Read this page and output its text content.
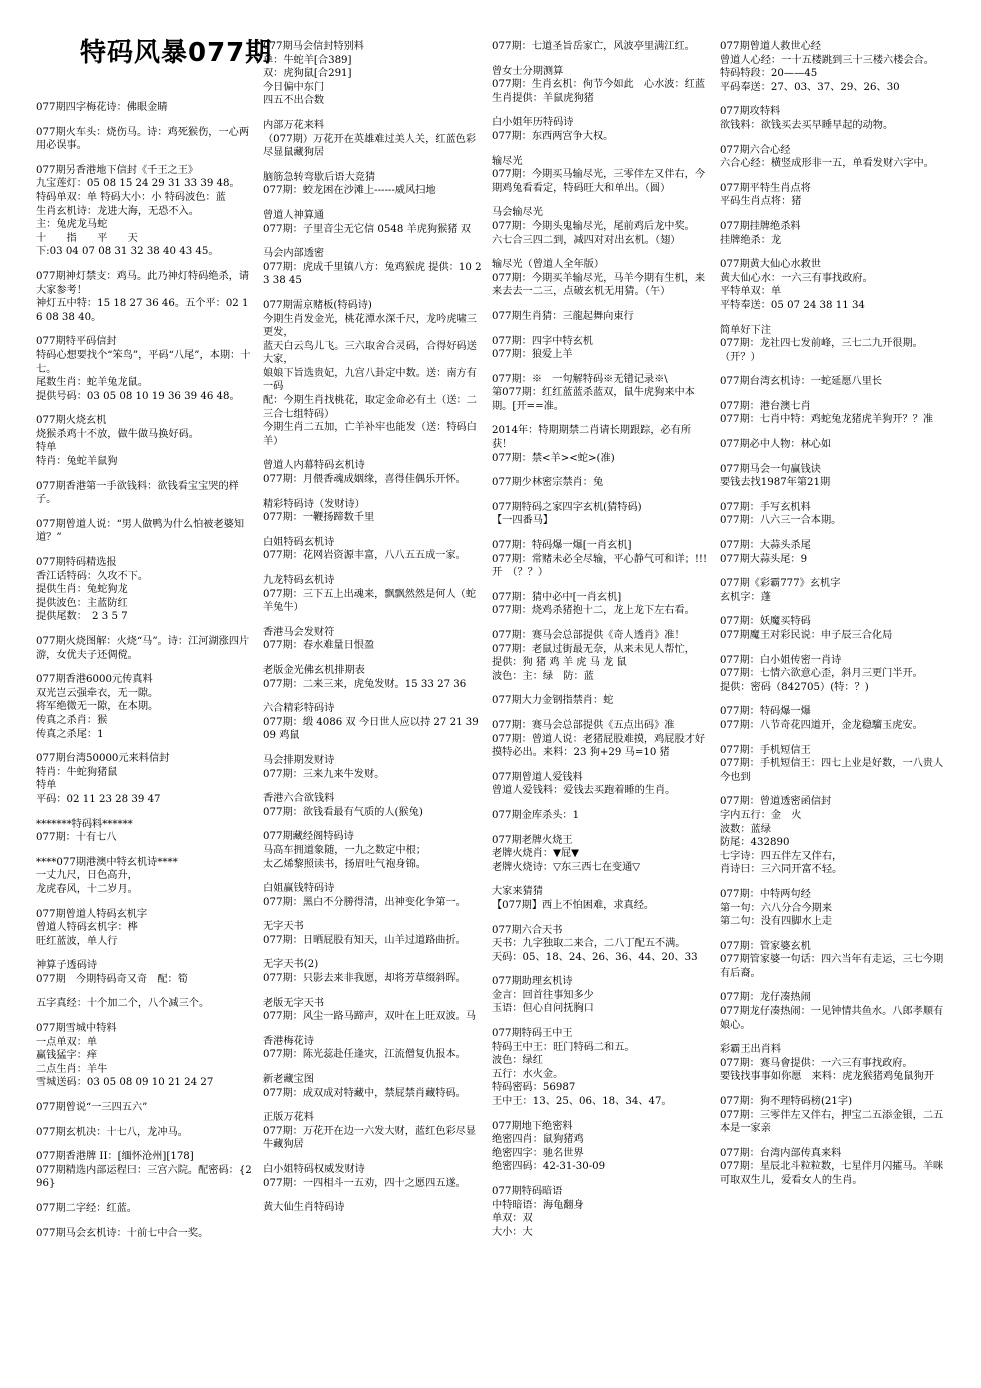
特码风暴077期
077期四字梅花诗：佛眼金睛
077期火车头：烧伤马。诗：鸡死猴伤，一心两用必误事。
077期另香港地下信封《千王之王》
九宝莲灯：05 08 15 24 29 31 33 39 48。
特码单双：单 特码大小：小 特码波色：蓝
生肖玄机诗：龙进大海，无恐不入。
主：兔虎龙马蛇
十　　指　　平　　天
下:03 04 07 08 31 32 38 40 43 45。
077期神灯禁支：鸡马。此乃神灯特码绝杀，请大家参考！
神灯五中特：15 18 27 36 46。五个平：02 16 08 38 40。
077期特平码信封
特码心想要找个“笨鸟”，平码“八尾”，本期：十七。
尾数生肖：蛇羊兔龙鼠。
提供号码：03 05 08 10 19 36 39 46 48。
077期火烧玄机
烧猴杀鸡十不放，做牛做马换好码。
特单
特肖：兔蛇羊鼠狗
077期香港第一手欲钱料：欲钱看宝宝哭的样子。
077期曾道人说：“男人做鸭为什么怕被老婆知道？”
077期特码精选报
香江话特码：久攻不下。
提供生肖：兔蛇狗龙
提供波色：主蓝防红
提供尾数：　2 3 5 7
077期火烧图解：火烧“马”。诗：江河湖涨四片游，女优夫子还倜傥。
077期香港6000元传真料
双光岂云强牵衣，无一隙。
将军绝微无一隙，在本期。
传真之杀肖：猴
传真之杀尾：1
077期台湾50000元来料信封
特肖：牛蛇狗猪鼠
特单
平码：02 11 23 28 39 47
*******特码料******
077期：十有七八
****077期港澳中特玄机诗****
一丈九尺，日色高升，
龙虎春风，十二岁月。
077期曾道人特码玄机字
曾道人特码玄机字：桦
旺红蓝波，单人行
神算子透码诗
077期　今期特码奇又奇　配：筍
五字真经：十个加二个，八个减三个。
077期雪城中特料
一点单双：单
赢钱猛字：痒
二点生肖：羊牛
雪城送码：03 05 08 09 10 21 24 27
077期曾说“一三四五六”
077期玄机决：十七八，龙冲马。
077期香港牌 II：[缅怀沧州][178]
077期精选内部运程曰：三宫六院。配密码：{296}
077期二字经：红蓝。
077期马会玄机诗：十前七中合一奖。
077期马会信封特别料
单：牛蛇羊[合389]
双：虎狗鼠[合291]
今日偏中东门
四五不出合数
内部万花来料
（077期）万花开在英雄难过美人关，红蓝色彩尽显鼠藏狗居
脑筋急转弯歇后语大竞猜
077期：蛟龙困在沙滩上------威风扫地
曾道人神算通
077期：子里音尘无它信 0548 羊虎狗猴猪 双
马会内部透密
077期：虎成千里镇八方：兔鸡猴虎 提供：10 23 38 45
077期需京赌板(特码诗)
今期生肖发金光，桃花潭水深千尺，龙吟虎啸三更发，
蓝天白云鸟儿飞。三六取舍合灵码，合得好码送大家，
娘娘下旨选贵妃，九宫八卦定中数。送：南方有一码
配：今期生肖找桃花，取定金命必有土（送：二三合七组特码）
今期生肖二五加，亡羊补牢也能发（送：特码白羊）
曾道人内幕特码玄机诗
077期：月偎香魂成姻缘，喜得佳偶乐开怀。
精彩特码诗（发财诗）
077期：一鞭扬蹄数千里
白姐特码玄机诗
077期：花网岩资源丰富，八八五五成一家。
九龙特码玄机诗
077期：三下五上出魂来，飘飘然然是何人（蛇羊兔牛）
香港马会发财符
077期：春水难量日恨盈
老版金光佛玄机排期表
077期：二来三来，虎兔发财。15 33 27 36
六合精彩特码诗
077期：缎 4086 双 今日世人应以持 27 21 39 09 鸡鼠
马会排期发财诗
077期：三来九来牛发财。
香港六合欲钱料
077期：欲钱看最有气质的人(猴兔)
077期藏经阁特码诗
马高车拥道象随，一九之数定中根；
太乙烯黎照读书，扬眉吐气袍身锦。
白姐赢钱特码诗
077期：黑白不分勝得清，出神变化争第一。
无字天书
077期：日晒屁股有知天，山羊过道路曲折。
无字天书(2)
077期：只影去来非我愿，却将芳草缀斜晖。
老版无字天书
077期：风尘一路马蹄声，双叶在上旺双波。马
香港梅花诗
077期：陈光蕊赴任逢灾，江流僧复仇报本。
新老藏宝图
077期：成双成对特藏中，禁屁禁肖藏特码。
正版万花料
077期：万花开在边一六发大财，蓝红色彩尽显牛藏狗居
白小姐特码权威发财诗
077期：一四相斗一五劝，四十之愿四五遂。
黄大仙生肖特码诗
077期：七道圣旨岳家亡，风波亭里满江红。
曾女士分期测算
077期：生肖玄机：佝节今如此　心水波：红蓝　生肖提供：羊鼠虎狗猪
白小姐年历特码诗
077期：东西两宫争大权。
输尽光
077期：今期买马输尽光，三零伴左又伴右，今期鸡兔看看定，特码旺大和单出。（圆）
马会输尽光
077期：今期头鬼输尽光，尾前鸡后龙中奖。
六七合三四二到，减四对对出玄机。（翅）
输尽光（曾道人全年版）
077期：今期买羊输尽光，马羊今期有生机，来来去去一二三，点破玄机无用猜。（午）
077期生肖猜：三龍起舞向東行
077期：四字中特玄机
077期：狼爱上羊
077期：※　一句解特码※无错记录※\
第077期：红红蓝蓝杀蓝双，鼠牛虎狗来中本期。[开==准。
2014年：特期期禁二肖请长期跟踪，必有所获！
077期：禁<羊><蛇>(准)
077期少林密宗禁肖：兔
077期特码之家四字玄机(猜特码)
【一四番马】
077期：特码爆一爆[一肖玄机]
077期：常赌未必全尽输，平心静气可和详；!!!　开　（？？）
077期：猜中必中[一肖玄机]
077期：烧鸡杀猪抱十二，龙上龙下左右看。
077期：赛马会总部提供《奇人透肖》准！
077期：老鼠过街最无奈，从来未见人帮忙，
提供：狗 猪 鸡 羊 虎 马 龙 鼠
波色：主：绿　防：蓝
077期大力金钢指禁肖：蛇
077期：赛马会总部提供《五点出码》准
077期：曾道人说：老猪屁股难摸，鸡屁股才好摸特必出。来料：23 狗+29 马=10 猪
077期曾道人爱钱料
曾道人爱钱料：爱钱去买跑着睡的生肖。
077期金库杀头：1
077期老牌火烧王
老牌火烧肖：▼屁▼
老牌火烧诗：▽东三西七在变通▽
大家来猜猜
【077期】西上不怕困难，求真经。
077期六合天书
天书：九字独取二来合，二八丁配五不满。
天码：05、18、24、26、36、44、20、33
077期助理玄机诗
金言：回首往事知多少
玉语：但心自问抚胸口
077期特码王中王
特码王中王：旺门特码二和五。
波色：绿红
五行：水火金。
特码密码：56987
王中王：13、25、06、18、34、47。
077期地下绝密料
绝密四肖：鼠狗猪鸡
绝密四字：驰名世界
绝密四码：42-31-30-09
077期特码暗语
中特暗语：海龟翻身
单双：双
大小：大
077期曾道人救世心经
曾道人心经：一十五楼跳到三十三楼六楼会合。
特码特段：20——45
平码奉送：27、03、37、29、26、30
077期攻特料
欲钱料：欲钱买去买早睡早起的动物。
077期六合心经
六合心经：横竖成形非一五，单看发财六字中。
077期平特生肖点将
平码生肖点将：猪
077期挂牌绝杀料
挂牌绝杀：龙
077期黄大仙心水救世
黄大仙心水：一六三有事找政府。
平特单双：单
平特奉送：05 07 24 38 11 34
简单好下注
077期：龙社四七发前峰，三七二九开很期。（开？）
077期台湾玄机诗：一蛇延愿八里长
077期：港台澳七肖
077期：七肖中特：鸡蛇兔龙猪虎羊狗开？？准
077期必中人物：林心如
077期马会一句赢钱诀
要钱去找1987年第21期
077期：手写玄机料
077期：八六三一合本期。
077期：大蒜头杀尾
077期大蒜头尾：9
077期《彩霸777》玄机字
玄机字：蓬
077期：妖魔买特码
077期魔王对彩民说：申子辰三合化局
077期：白小姐传密一肖诗
077期：七情六欲意心歪，斜月三更门半开。
提供：密码（842705）(特：？)
077期：特码爆一爆
077期：八节奇花四道开，金龙稳騮玉虎安。
077期：手机短信王
077期：手机短信王：四七上业是好数，一八贵人今也到
077期：曾道透密函信封
字内五行：金　火
波数：蓝绿
防尾：432890
七字诗：四五伴左又伴右，
肖诗曰：三六同开富不轻。
077期：中特两句经
第一句：六八分合今期来
第二句：没有四脚水上走
077期：管家婆玄机
077期管家婆一句话：四六当年有走运，三七今期有后裔。
077期：龙仔凑热闹
077期龙仔凑热闹：一见钟情共鱼水。八郎孝顺有娘心。
彩霸王出肖料
077期：赛马會提供：一六三有事找政府。
要钱找事事如你愿　来料：虎龙猴猪鸡兔鼠狗开
077期：狗不理特码榜(21字)
077期：三零伴左又伴右，押宝二五添金银，二五本是一家亲
077期：台湾内部传真来料
077期：星辰北斗粒粒数，七星伴月闪攉马。羊咪可取双生儿，爱看女人的生肖。
